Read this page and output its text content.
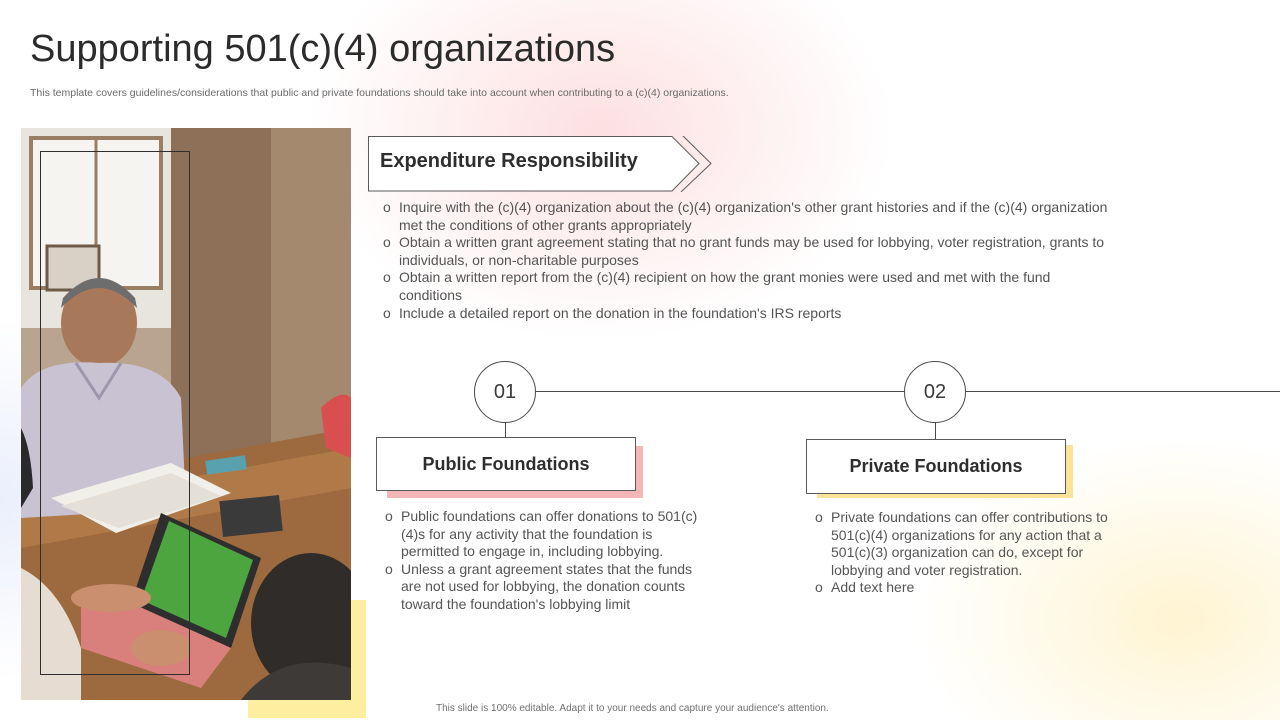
Supporting 501(c)(4) organizations
This template covers guidelines/considerations that public and private foundations should take into account when contributing to a (c)(4) organizations.
Expenditure Responsibility
o Inquire with the (c)(4) organization about the (c)(4) organization's other grant histories and if the (c)(4) organization met the conditions of other grants appropriately
o Obtain a written grant agreement stating that no grant funds may be used for lobbying, voter registration, grants to individuals, or non-charitable purposes
o Obtain a written report from the (c)(4) recipient on how the grant monies were used and met with the fund conditions
o Include a detailed report on the donation in the foundation's IRS reports
01
Public Foundations
o Public foundations can offer donations to 501(c)(4)s for any activity that the foundation is permitted to engage in, including lobbying.
o Unless a grant agreement states that the funds are not used for lobbying, the donation counts toward the foundation's lobbying limit
02
Private Foundations
o Private foundations can offer contributions to 501(c)(4) organizations for any action that a 501(c)(3) organization can do, except for lobbying and voter registration.
o Add text here
This slide is 100% editable. Adapt it to your needs and capture your audience's attention.
